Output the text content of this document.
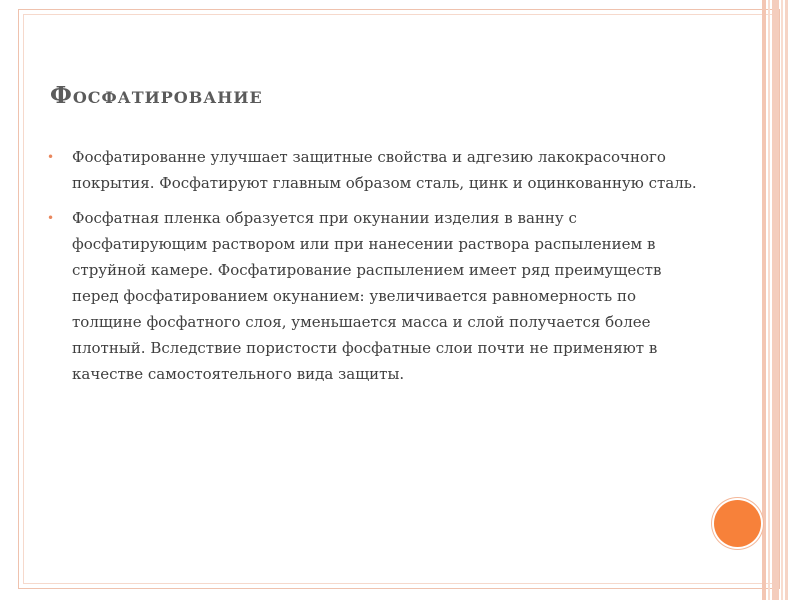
Фосфатирование
• Фосфатированне улучшает защитные свойства и адгезию лакокрасочного покрытия. Фосфатируют главным образом сталь, цинк и оцинкованную сталь.
• Фосфатная пленка образуется при окунании изделия в ванну с фосфатирующим раствором или при нанесении раствора распылением в струйной камере. Фосфатирование распылением имеет ряд преимуществ перед фосфатированием окунанием: увеличивается равномерность по толщине фосфатного слоя, уменьшается масса и слой получается более плотный. Вследствие пористости фосфатные слои почти не применяют в качестве самостоятельного вида защиты.
